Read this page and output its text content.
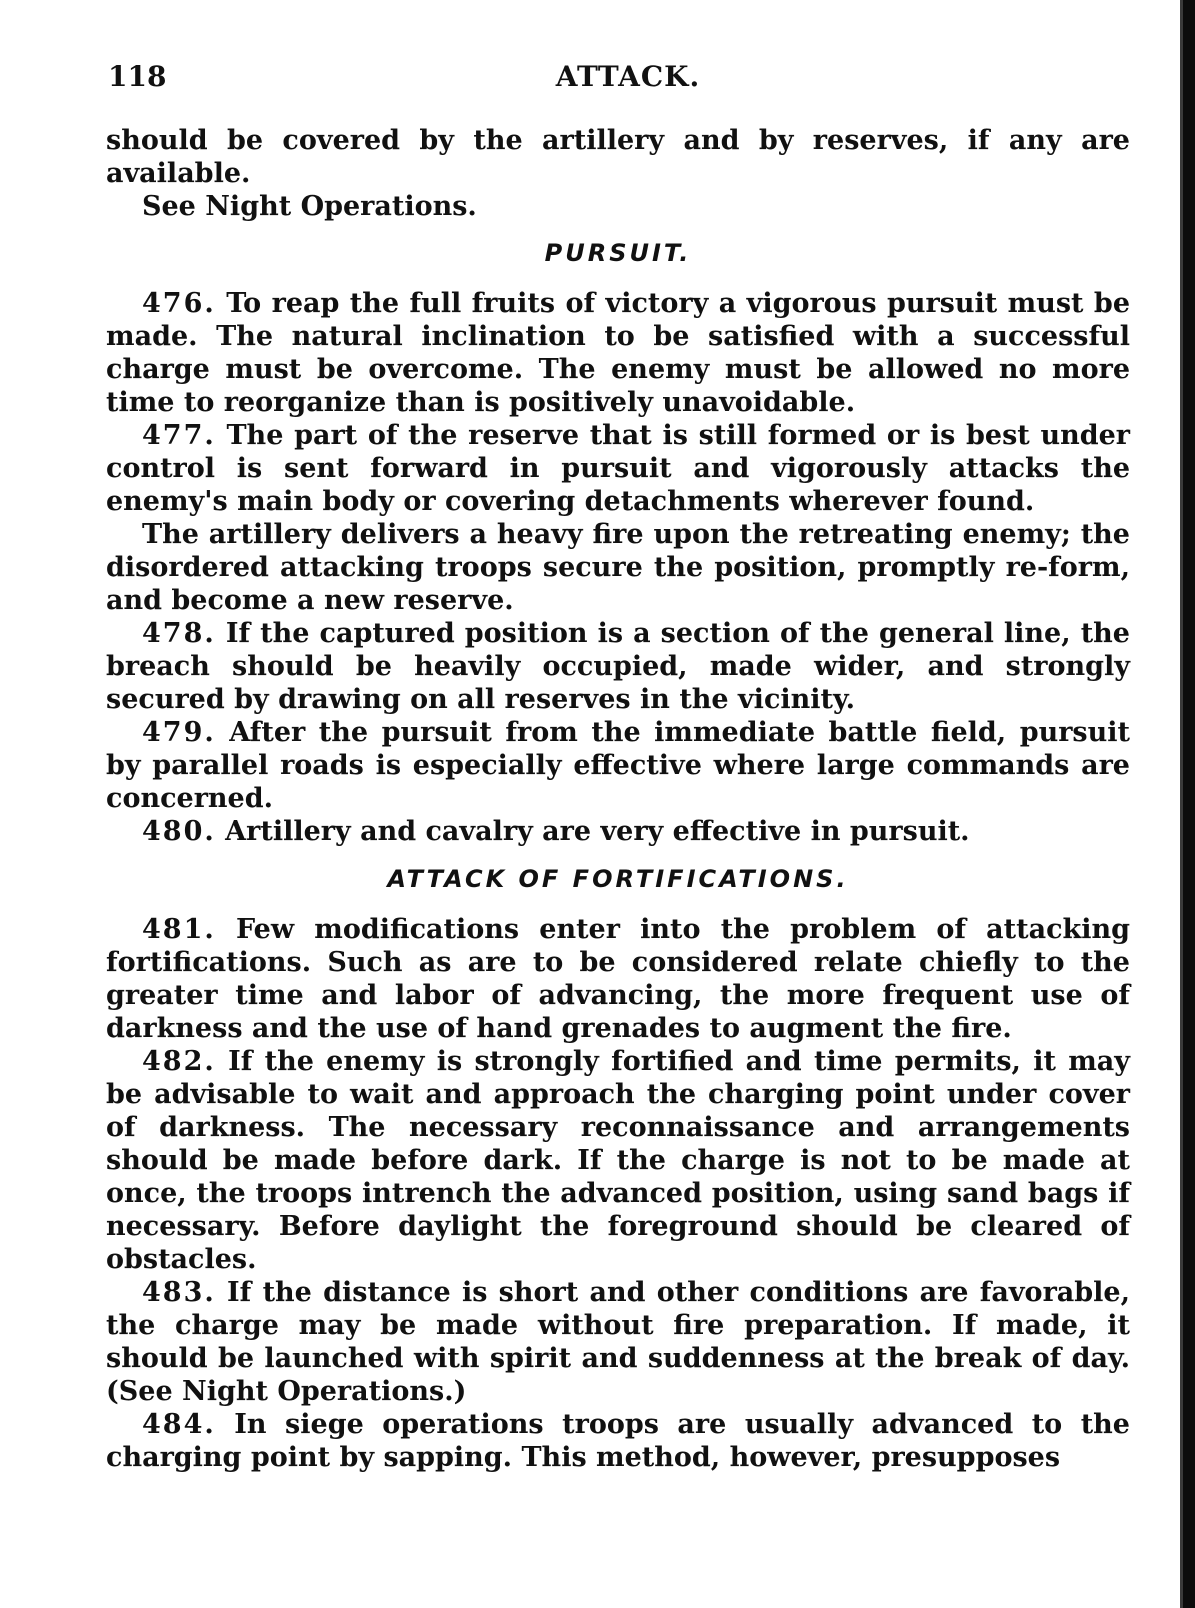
118	ATTACK.

should be covered by the artillery and by reserves, if any are available.

See Night Operations.

PURSUIT.

476. To reap the full fruits of victory a vigorous pursuit must be made. The natural inclination to be satisfied with a successful charge must be overcome. The enemy must be allowed no more time to reorganize than is positively unavoidable.

477. The part of the reserve that is still formed or is best under control is sent forward in pursuit and vigorously attacks the enemy's main body or covering detachments wherever found.

The artillery delivers a heavy fire upon the retreating enemy; the disordered attacking troops secure the position, promptly re-form, and become a new reserve.

478. If the captured position is a section of the general line, the breach should be heavily occupied, made wider, and strongly secured by drawing on all reserves in the vicinity.

479. After the pursuit from the immediate battle field, pursuit by parallel roads is especially effective where large commands are concerned.

480. Artillery and cavalry are very effective in pursuit.

ATTACK OF FORTIFICATIONS.

481. Few modifications enter into the problem of attacking fortifications. Such as are to be considered relate chiefly to the greater time and labor of advancing, the more frequent use of darkness and the use of hand grenades to augment the fire.

482. If the enemy is strongly fortified and time permits, it may be advisable to wait and approach the charging point under cover of darkness. The necessary reconnaissance and arrangements should be made before dark. If the charge is not to be made at once, the troops intrench the advanced position, using sand bags if necessary. Before daylight the foreground should be cleared of obstacles.

483. If the distance is short and other conditions are favorable, the charge may be made without fire preparation. If made, it should be launched with spirit and suddenness at the break of day. (See Night Operations.)

484. In siege operations troops are usually advanced to the charging point by sapping. This method, however, presupposes
